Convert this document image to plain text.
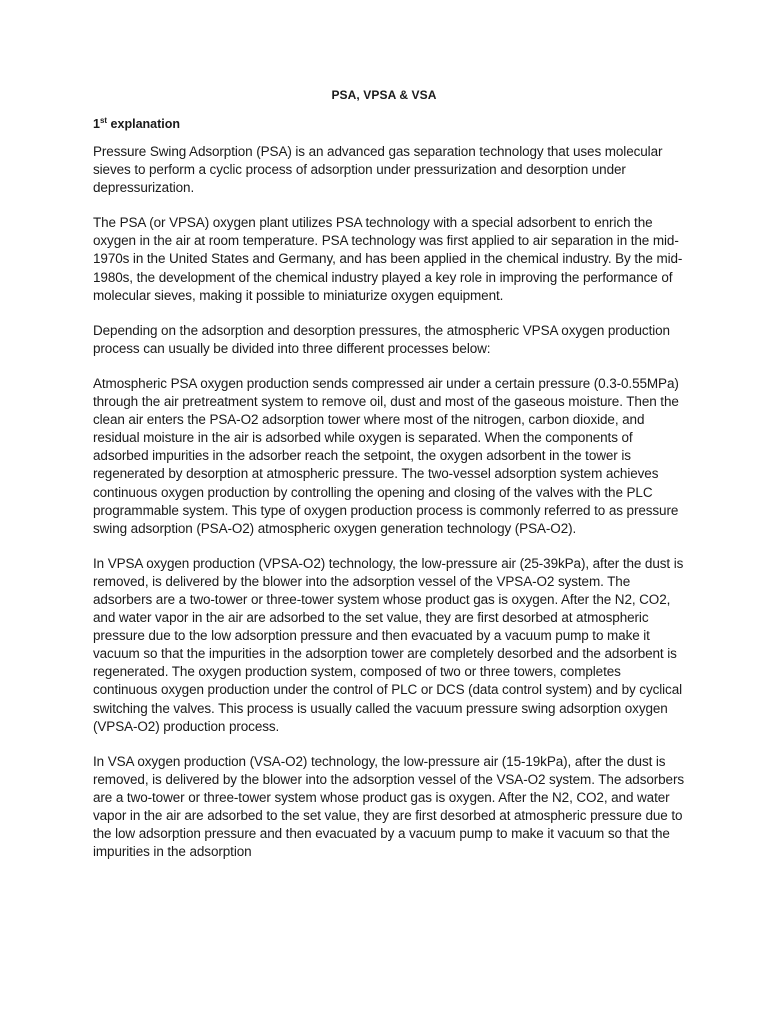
PSA, VPSA & VSA
1st explanation

Pressure Swing Adsorption (PSA) is an advanced gas separation technology that uses molecular sieves to perform a cyclic process of adsorption under pressurization and desorption under depressurization.

The PSA (or VPSA) oxygen plant utilizes PSA technology with a special adsorbent to enrich the oxygen in the air at room temperature. PSA technology was first applied to air separation in the mid-1970s in the United States and Germany, and has been applied in the chemical industry. By the mid-1980s, the development of the chemical industry played a key role in improving the performance of molecular sieves, making it possible to miniaturize oxygen equipment.

Depending on the adsorption and desorption pressures, the atmospheric VPSA oxygen production process can usually be divided into three different processes below:

Atmospheric PSA oxygen production sends compressed air under a certain pressure (0.3-0.55MPa) through the air pretreatment system to remove oil, dust and most of the gaseous moisture. Then the clean air enters the PSA-O2 adsorption tower where most of the nitrogen, carbon dioxide, and residual moisture in the air is adsorbed while oxygen is separated. When the components of adsorbed impurities in the adsorber reach the setpoint, the oxygen adsorbent in the tower is regenerated by desorption at atmospheric pressure. The two-vessel adsorption system achieves continuous oxygen production by controlling the opening and closing of the valves with the PLC programmable system. This type of oxygen production process is commonly referred to as pressure swing adsorption (PSA-O2) atmospheric oxygen generation technology (PSA-O2).

In VPSA oxygen production (VPSA-O2) technology, the low-pressure air (25-39kPa), after the dust is removed, is delivered by the blower into the adsorption vessel of the VPSA-O2 system. The adsorbers are a two-tower or three-tower system whose product gas is oxygen. After the N2, CO2, and water vapor in the air are adsorbed to the set value, they are first desorbed at atmospheric pressure due to the low adsorption pressure and then evacuated by a vacuum pump to make it vacuum so that the impurities in the adsorption tower are completely desorbed and the adsorbent is regenerated. The oxygen production system, composed of two or three towers, completes continuous oxygen production under the control of PLC or DCS (data control system) and by cyclical switching the valves. This process is usually called the vacuum pressure swing adsorption oxygen (VPSA-O2) production process.

In VSA oxygen production (VSA-O2) technology, the low-pressure air (15-19kPa), after the dust is removed, is delivered by the blower into the adsorption vessel of the VSA-O2 system. The adsorbers are a two-tower or three-tower system whose product gas is oxygen. After the N2, CO2, and water vapor in the air are adsorbed to the set value, they are first desorbed at atmospheric pressure due to the low adsorption pressure and then evacuated by a vacuum pump to make it vacuum so that the impurities in the adsorption
